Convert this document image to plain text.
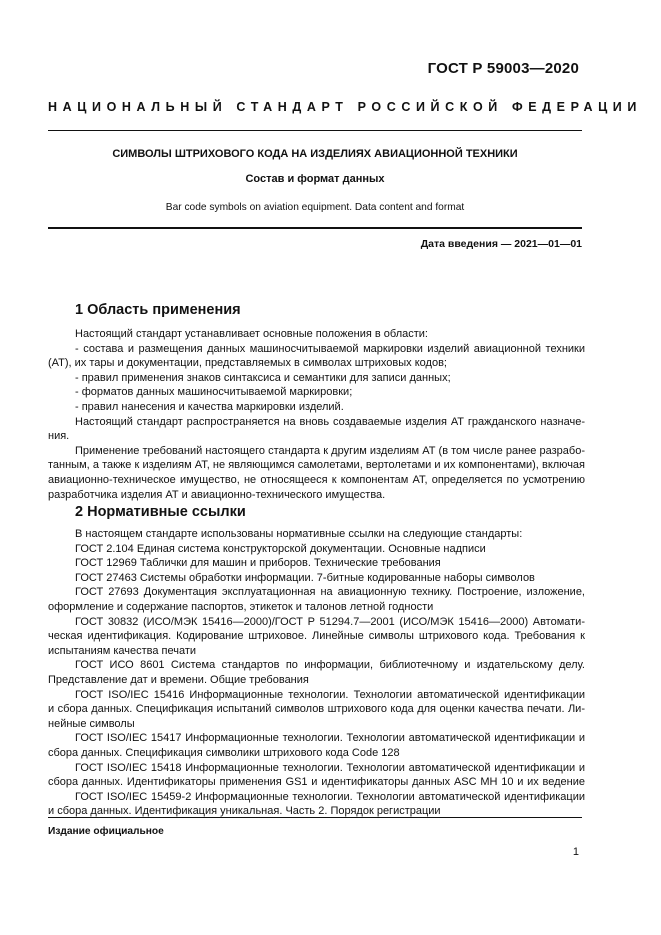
ГОСТ Р 59003—2020
НАЦИОНАЛЬНЫЙ СТАНДАРТ РОССИЙСКОЙ ФЕДЕРАЦИИ
СИМВОЛЫ ШТРИХОВОГО КОДА НА ИЗДЕЛИЯХ АВИАЦИОННОЙ ТЕХНИКИ
Состав и формат данных
Bar code symbols on aviation equipment. Data content and format
Дата введения — 2021—01—01
1 Область применения
Настоящий стандарт устанавливает основные положения в области:
- состава и размещения данных машиносчитываемой маркировки изделий авиационной техники
(АТ), их тары и документации, представляемых в символах штриховых кодов;
- правил применения знаков синтаксиса и семантики для записи данных;
- форматов данных машиносчитываемой маркировки;
- правил нанесения и качества маркировки изделий.
Настоящий стандарт распространяется на вновь создаваемые изделия АТ гражданского назначе-
ния.
Применение требований настоящего стандарта к другим изделиям АТ (в том числе ранее разрабо-
танным, а также к изделиям АТ, не являющимся самолетами, вертолетами и их компонентами), включая
авиационно-техническое имущество, не относящееся к компонентам АТ, определяется по усмотрению
разработчика изделия АТ и авиационно-технического имущества.
2 Нормативные ссылки
В настоящем стандарте использованы нормативные ссылки на следующие стандарты:
ГОСТ 2.104 Единая система конструкторской документации. Основные надписи
ГОСТ 12969 Таблички для машин и приборов. Технические требования
ГОСТ 27463 Системы обработки информации. 7-битные кодированные наборы символов
ГОСТ 27693 Документация эксплуатационная на авиационную технику. Построение, изложение,
оформление и содержание паспортов, этикеток и талонов летной годности
ГОСТ 30832 (ИСО/МЭК 15416—2000)/ГОСТ Р 51294.7—2001 (ИСО/МЭК 15416—2000) Автомати-
ческая идентификация. Кодирование штриховое. Линейные символы штрихового кода. Требования к
испытаниям качества печати
ГОСТ ИСО 8601 Система стандартов по информации, библиотечному и издательскому делу.
Представление дат и времени. Общие требования
ГОСТ ISO/IEC 15416 Информационные технологии. Технологии автоматической идентификации
и сбора данных. Спецификация испытаний символов штрихового кода для оценки качества печати. Ли-
нейные символы
ГОСТ ISO/IEC 15417 Информационные технологии. Технологии автоматической идентификации и
сбора данных. Спецификация символики штрихового кода Code 128
ГОСТ ISO/IEC 15418 Информационные технологии. Технологии автоматической идентификации и
сбора данных. Идентификаторы применения GS1 и идентификаторы данных ASC MH 10 и их ведение
ГОСТ ISO/IEC 15459-2 Информационные технологии. Технологии автоматической идентификации
и сбора данных. Идентификация уникальная. Часть 2. Порядок регистрации
Издание официальное
1
